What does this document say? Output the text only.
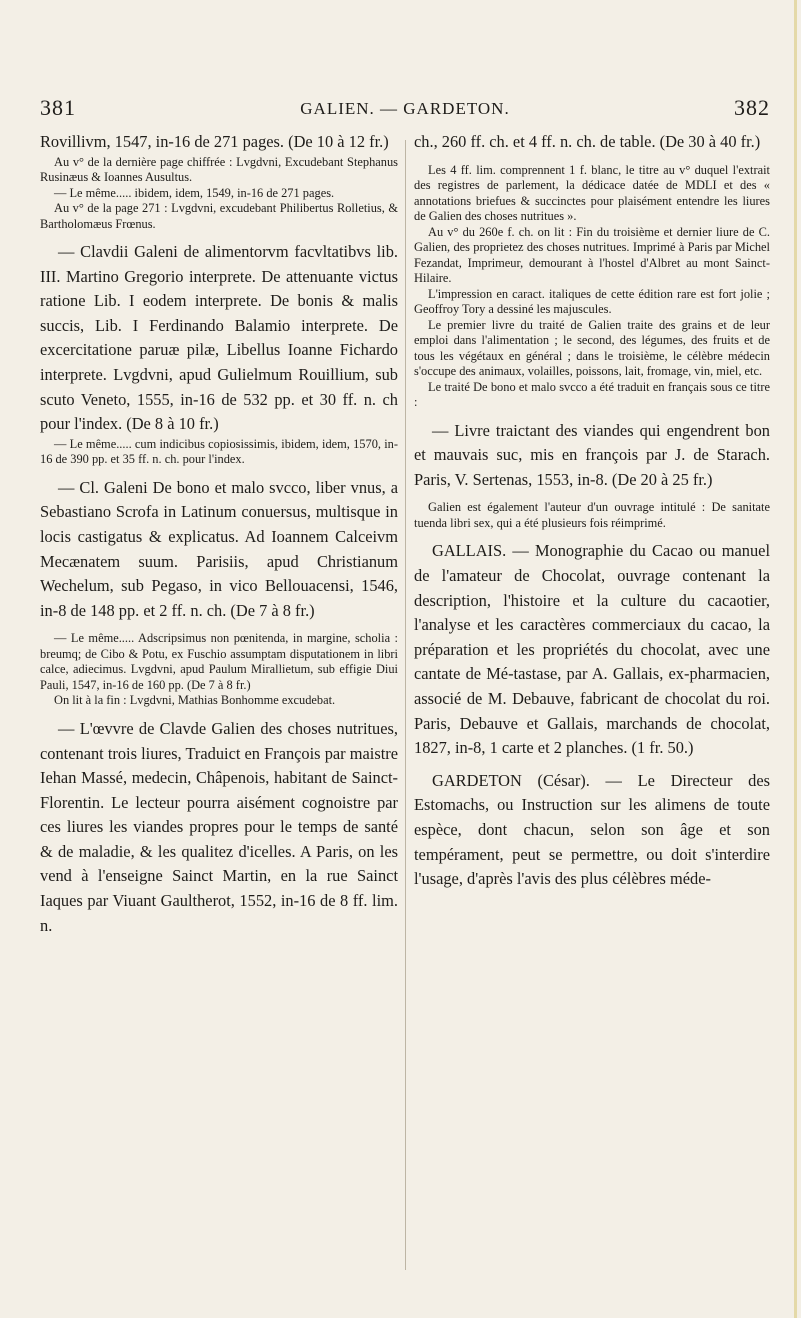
381	GALIEN. — GARDETON.	382

Rovillivm, 1547, in-16 de 271 pages. (De 10 à 12 fr.)

Au v° de la dernière page chiffrée : Lvgdvni, Excudebant Stephanus Rusinæus & Ioannes Ausultus.

— Le même..... ibidem, idem, 1549, in-16 de 271 pages.

Au v° de la page 271 : Lvgdvni, excudebant Philibertus Rolletius, & Bartholomæus Frœnus.

— Clavdii Galeni de alimentorvm facvltatibvs lib. III. Martino Gregorio interprete. De attenuante victus ratione Lib. I eodem interprete. De bonis & malis succis, Lib. I Ferdinando Balamio interprete. De excercitatione paruæ pilæ, Libellus Ioanne Fichardo interprete. Lvgdvni, apud Gulielmum Rouillium, sub scuto Veneto, 1555, in-16 de 532 pp. et 30 ff. n. ch pour l'index. (De 8 à 10 fr.)

— Le même..... cum indicibus copiosissimis, ibidem, idem, 1570, in-16 de 390 pp. et 35 ff. n. ch. pour l'index.

— Cl. Galeni De bono et malo svcco, liber vnus, a Sebastiano Scrofa in Latinum conuersus, multisque in locis castigatus & explicatus. Ad Ioannem Calceivm Mecænatem suum. Parisiis, apud Christianum Wechelum, sub Pegaso, in vico Bellouacensi, 1546, in-8 de 148 pp. et 2 ff. n. ch. (De 7 à 8 fr.)

— Le même..... Adscripsimus non pœnitenda, in margine, scholia : breumq; de Cibo & Potu, ex Fuschio assumptam disputationem in libri calce, adiecimus. Lvgdvni, apud Paulum Mirallietum, sub effigie Diui Pauli, 1547, in-16 de 160 pp. (De 7 à 8 fr.)

On lit à la fin : Lvgdvni, Mathias Bonhomme excudebat.

— L'œvvre de Clavde Galien des choses nutritues, contenant trois liures, Traduict en François par maistre Iehan Massé, medecin, Châpenois, habitant de Sainct-Florentin. Le lecteur pourra aisément cognoistre par ces liures les viandes propres pour le temps de santé & de maladie, & les qualitez d'icelles. A Paris, on les vend à l'enseigne Sainct Martin, en la rue Sainct Iaques par Viuant Gaultherot, 1552, in-16 de 8 ff. lim. n.

ch., 260 ff. ch. et 4 ff. n. ch. de table. (De 30 à 40 fr.)

Les 4 ff. lim. comprennent 1 f. blanc, le titre au v° duquel l'extrait des registres de parlement, la dédicace datée de MDLI et des « annotations briefues & succinctes pour plaisément entendre les liures de Galien des choses nutritues ».

Au v° du 260e f. ch. on lit : Fin du troisième et dernier liure de C. Galien, des proprietez des choses nutritues. Imprimé à Paris par Michel Fezandat, Imprimeur, demourant à l'hostel d'Albret au mont Sainct-Hilaire.

L'impression en caract. italiques de cette édition rare est fort jolie ; Geoffroy Tory a dessiné les majuscules.

Le premier livre du traité de Galien traite des grains et de leur emploi dans l'alimentation ; le second, des légumes, des fruits et de tous les végétaux en général ; dans le troisième, le célèbre médecin s'occupe des animaux, volailles, poissons, lait, fromage, vin, miel, etc.

Le traité De bono et malo svcco a été traduit en français sous ce titre :

— Livre traictant des viandes qui engendrent bon et mauvais suc, mis en françois par J. de Starach. Paris, V. Sertenas, 1553, in-8. (De 20 à 25 fr.)

Galien est également l'auteur d'un ouvrage intitulé : De sanitate tuenda libri sex, qui a été plusieurs fois réimprimé.

GALLAIS. — Monographie du Cacao ou manuel de l'amateur de Chocolat, ouvrage contenant la description, l'histoire et la culture du cacaotier, l'analyse et les caractères commerciaux du cacao, la préparation et les propriétés du chocolat, avec une cantate de Mé-tastase, par A. Gallais, ex-pharmacien, associé de M. Debauve, fabricant de chocolat du roi. Paris, Debauve et Gallais, marchands de chocolat, 1827, in-8, 1 carte et 2 planches. (1 fr. 50.)

GARDETON (César). — Le Directeur des Estomachs, ou Instruction sur les alimens de toute espèce, dont chacun, selon son âge et son tempérament, peut se permettre, ou doit s'interdire l'usage, d'après l'avis des plus célèbres méde-
